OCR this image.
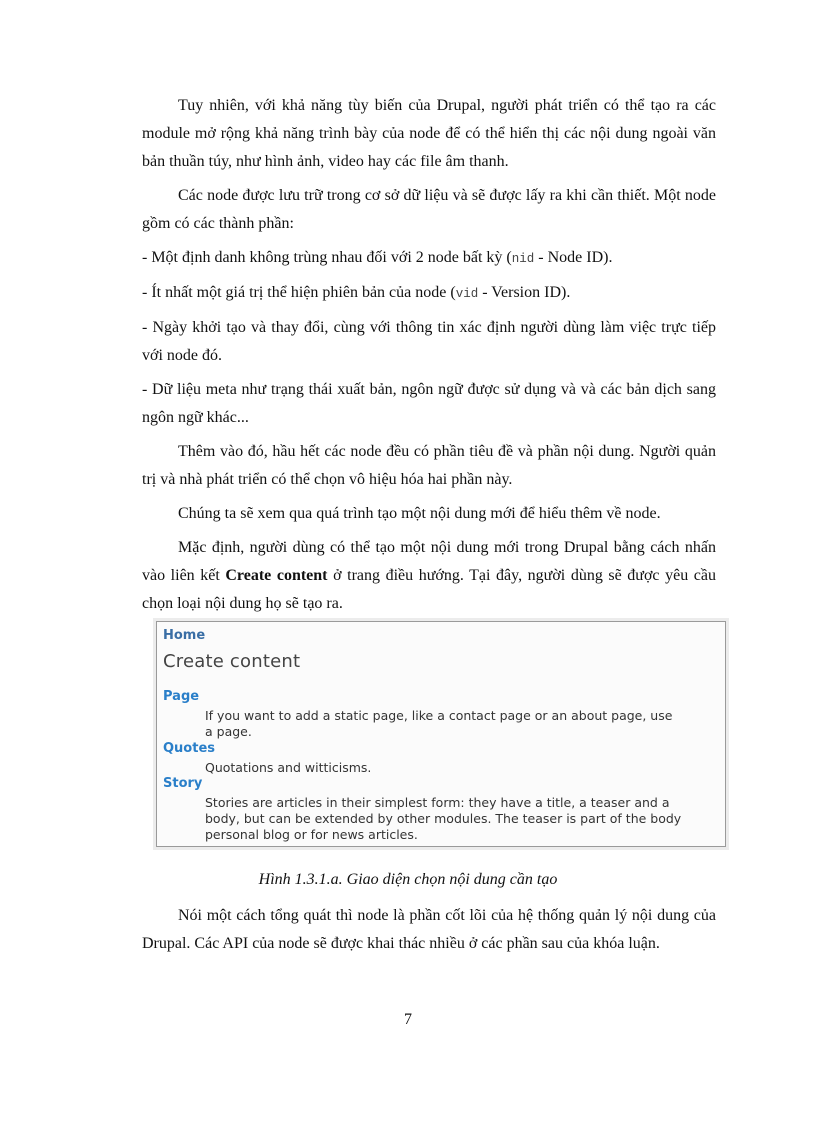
Tuy nhiên, với khả năng tùy biến của Drupal, người phát triển có thể tạo ra các module mở rộng khả năng trình bày của node để có thể hiển thị các nội dung ngoài văn bản thuần túy, như hình ảnh, video hay các file âm thanh.

Các node được lưu trữ trong cơ sở dữ liệu và sẽ được lấy ra khi cần thiết. Một node gồm có các thành phần:

- Một định danh không trùng nhau đối với 2 node bất kỳ (nid - Node ID).

- Ít nhất một giá trị thể hiện phiên bản của node (vid - Version ID).

- Ngày khởi tạo và thay đổi, cùng với thông tin xác định người dùng làm việc trực tiếp với node đó.

- Dữ liệu meta như trạng thái xuất bản, ngôn ngữ được sử dụng và và các bản dịch sang ngôn ngữ khác...

Thêm vào đó, hầu hết các node đều có phần tiêu đề và phần nội dung. Người quản trị và nhà phát triển có thể chọn vô hiệu hóa hai phần này.

Chúng ta sẽ xem qua quá trình tạo một nội dung mới để hiểu thêm về node.

Mặc định, người dùng có thể tạo một nội dung mới trong Drupal bằng cách nhấn vào liên kết Create content ở trang điều hướng. Tại đây, người dùng sẽ được yêu cầu chọn loại nội dung họ sẽ tạo ra.

Home
Create content
Page
If you want to add a static page, like a contact page or an about page, use
a page.
Quotes
Quotations and witticisms.
Story
Stories are articles in their simplest form: they have a title, a teaser and a
body, but can be extended by other modules. The teaser is part of the body
personal blog or for news articles.
Hình 1.3.1.a. Giao diện chọn nội dung cần tạo

Nói một cách tổng quát thì node là phần cốt lõi của hệ thống quản lý nội dung của Drupal. Các API của node sẽ được khai thác nhiều ở các phần sau của khóa luận.

7
